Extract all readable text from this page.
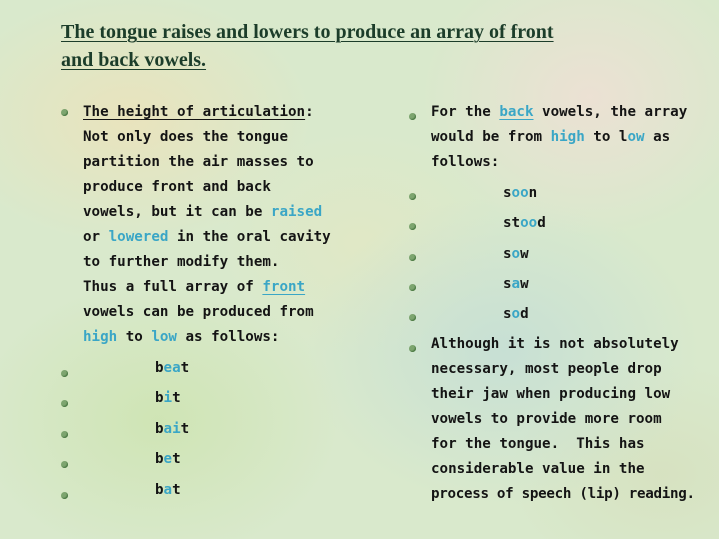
The tongue raises and lowers to produce an array of front
and back vowels.
The height of articulation:
Not only does the tongue
partition the air masses to
produce front and back
vowels, but it can be raised
or lowered in the oral cavity
to further modify them.
Thus a full array of front
vowels can be produced from
high to low as follows:
beat
bit
bait
bet
bat
For the back vowels, the array
would be from high to low as
follows:
soon
stood
sow
saw
sod
Although it is not absolutely
necessary, most people drop
their jaw when producing low
vowels to provide more room
for the tongue.  This has
considerable value in the
process of speech (lip) reading.
